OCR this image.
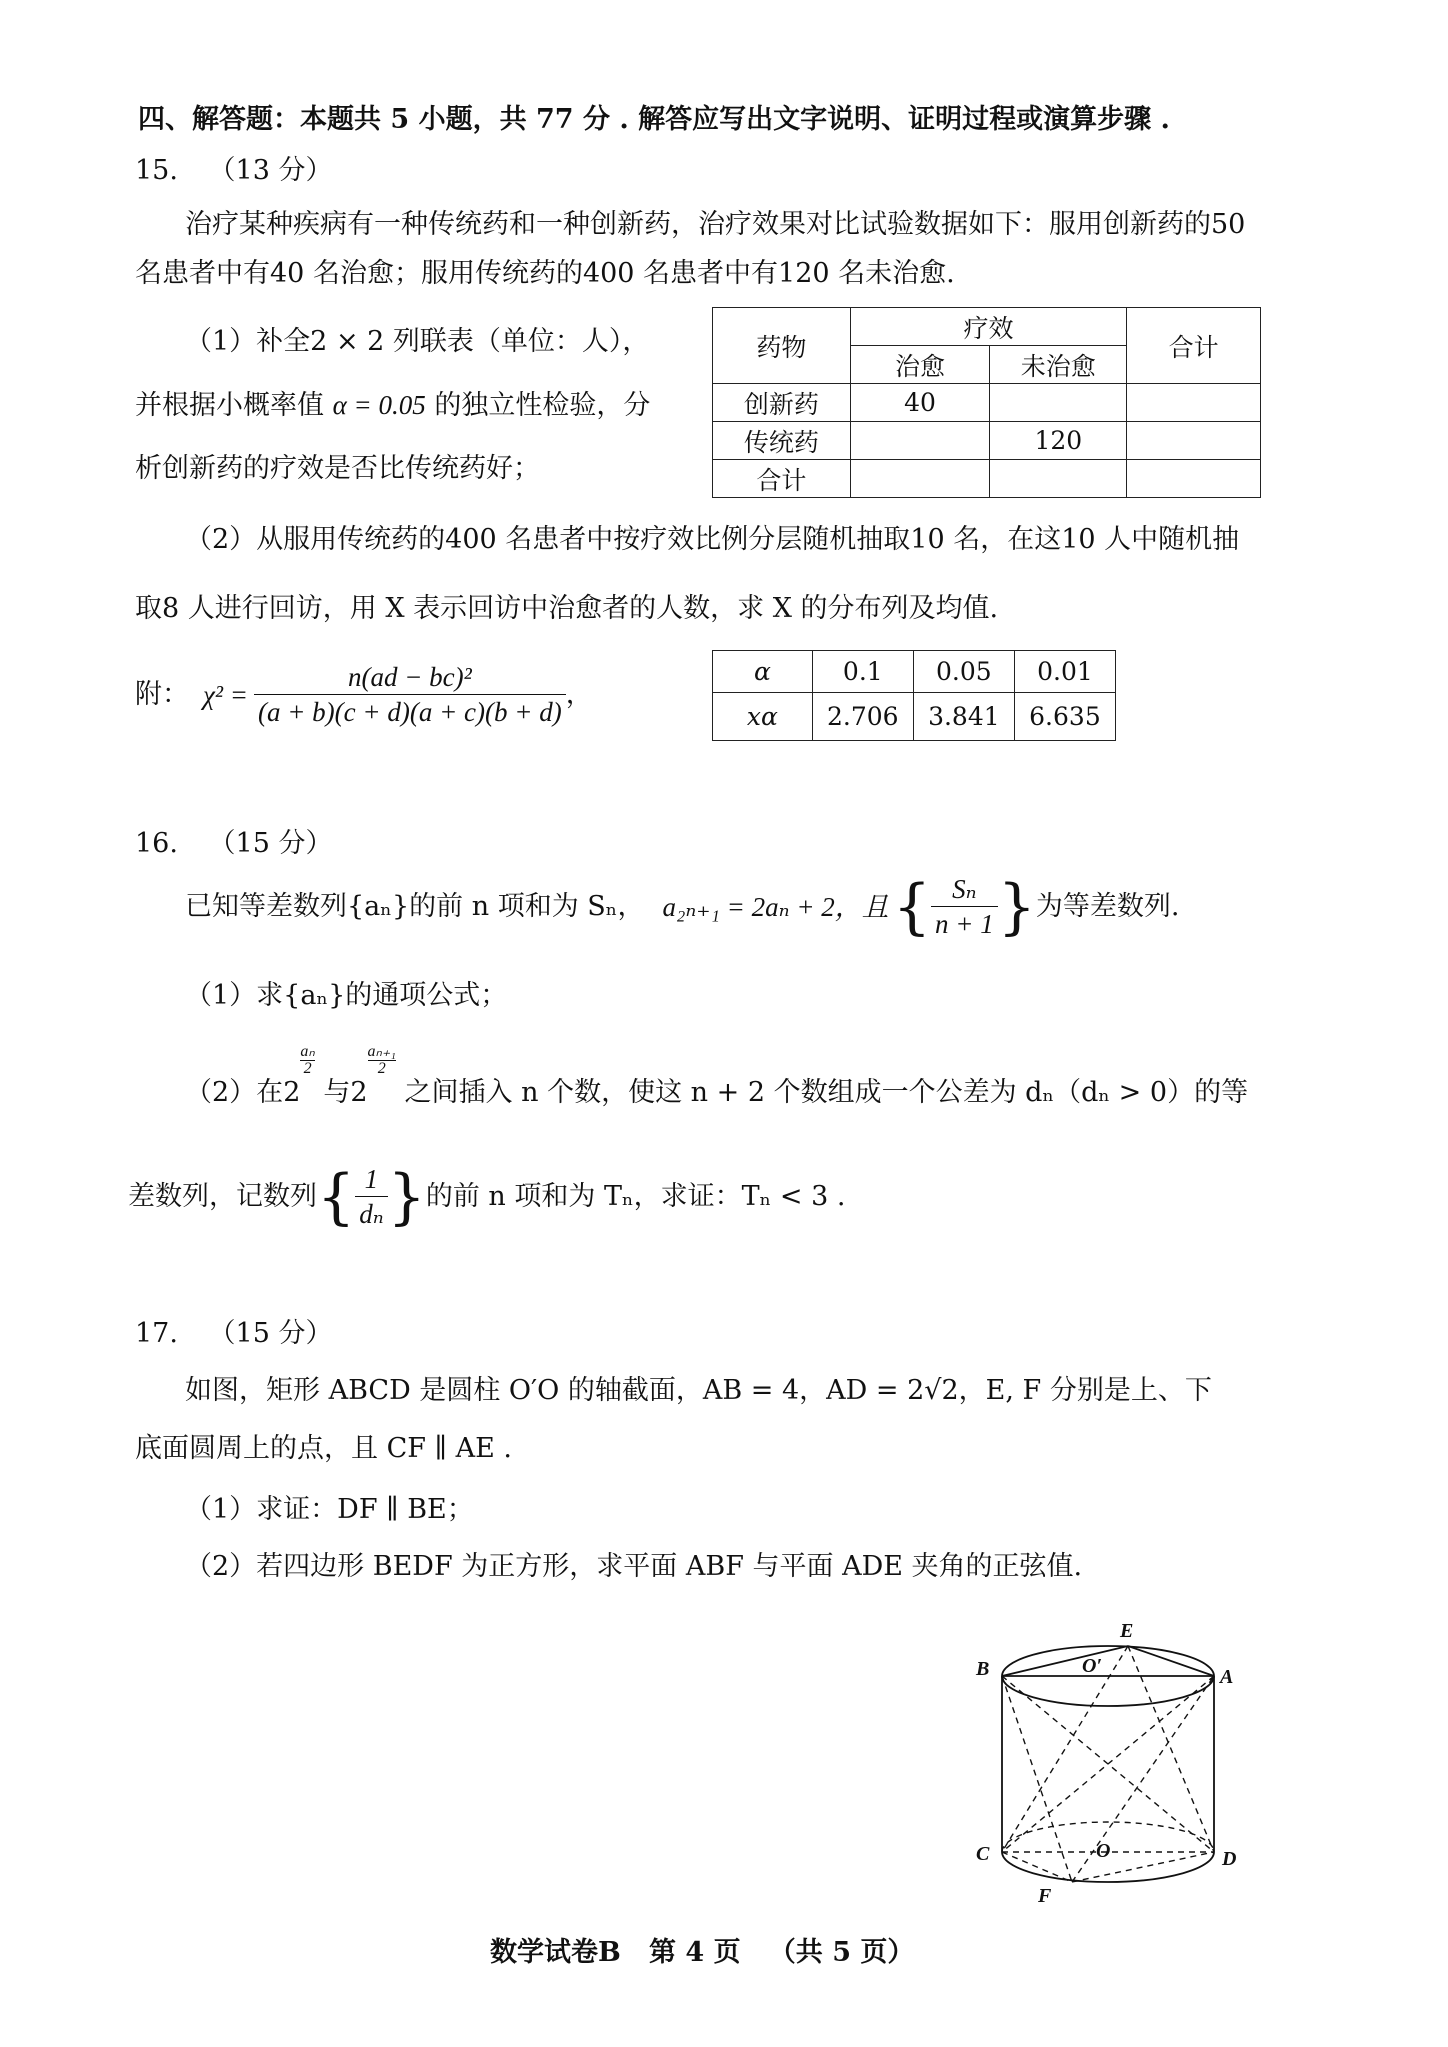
四、解答题：本题共 5 小题，共 77 分 . 解答应写出文字说明、证明过程或演算步骤 .
15. （13 分）
治疗某种疾病有一种传统药和一种创新药，治疗效果对比试验数据如下：服用创新药的50
名患者中有40 名治愈；服用传统药的400 名患者中有120 名未治愈.
（1）补全2 × 2 列联表（单位：人），
并根据小概率值 α = 0.05 的独立性检验，分
析创新药的疗效是否比传统药好；
药物	疗效		合计
	治愈	未治愈	
创新药	40		
传统药		120	
合计			
（2）从服用传统药的400 名患者中按疗效比例分层随机抽取10 名，在这10 人中随机抽
取8 人进行回访，用 X 表示回访中治愈者的人数，求 X 的分布列及均值.
附： $\chi^2 = \frac{\text{n(ad − bc)²}}{(a + b)(c + d)(a + c)(b + d)}$ ，
α	0.1	0.05	0.01
xα	2.706	3.841	6.635
16. （15 分）
已知等差数列{aₙ}的前 n 项和为 Sₙ， a₂ₙ₊₁ = 2aₙ + 2，且 { $\frac{\text{Sₙ}}{n + 1}$ } 为等差数列.
（1）求{aₙ}的通项公式；
（2）在2
$\frac{\text{aₙ}}{2}$
与2
$\frac{\text{aₙ₊₁}}{2}$
之间插入 n 个数，使这 n + 2 个数组成一个公差为 dₙ（dₙ > 0）的等
差数列，记数列 { $\frac{1}{\text{dₙ}}$ } 的前 n 项和为 Tₙ，求证：Tₙ < 3 .
17. （15 分）
如图，矩形 ABCD 是圆柱 O′O 的轴截面，AB = 4，AD = 2√2，E, F 分别是上、下
底面圆周上的点，且 CF ∥ AE .
（1）求证：DF ∥ BE；
（2）若四边形 BEDF 为正方形，求平面 ABF 与平面 ADE 夹角的正弦值.
E
B	O′	A
C	O	D
F
数学试卷B   第 4 页   （共 5 页）
